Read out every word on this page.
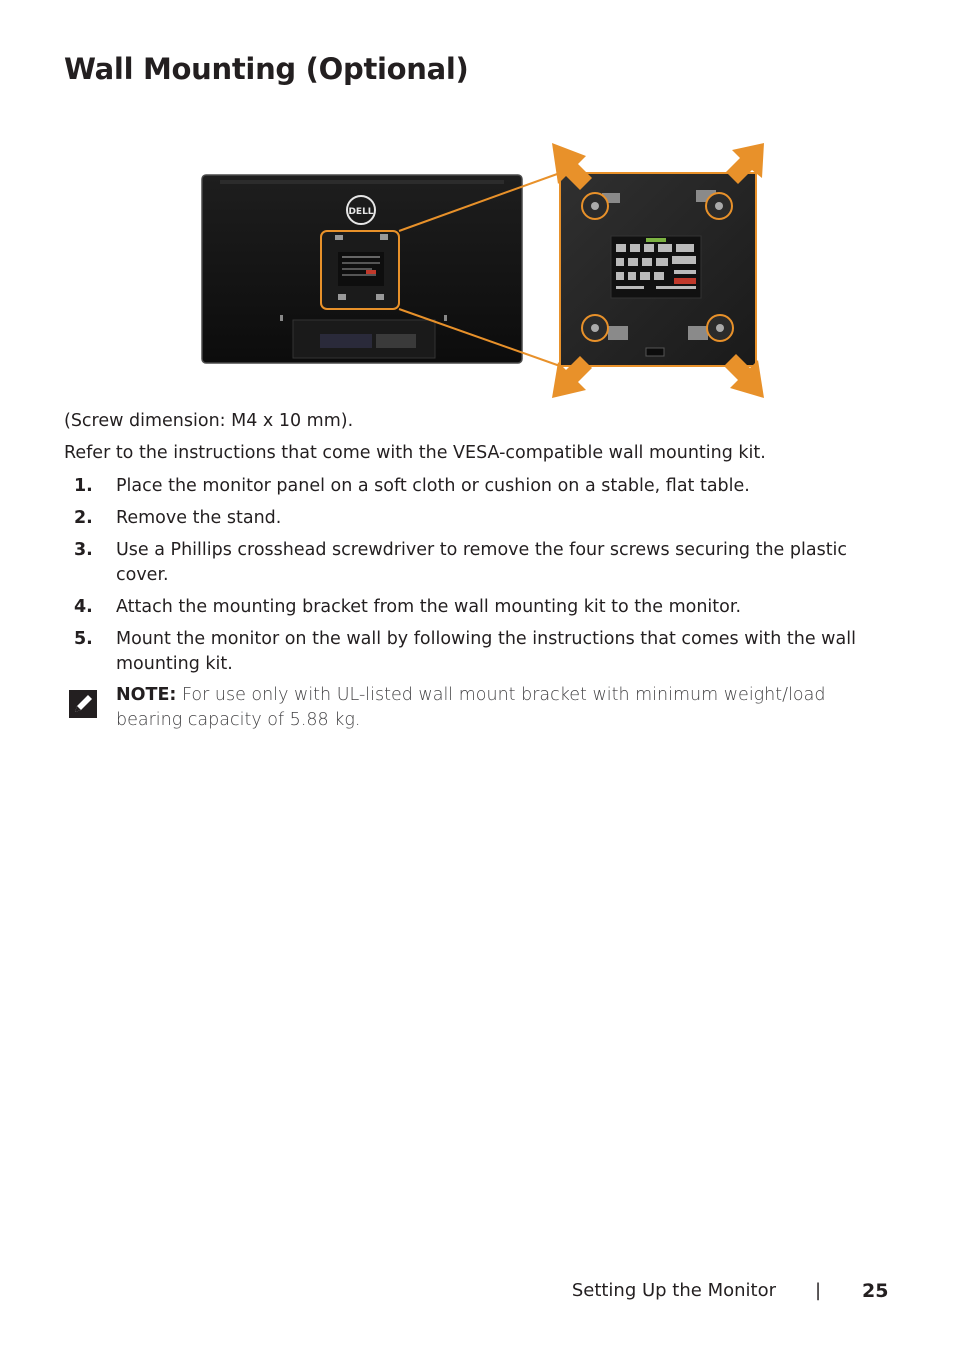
Wall Mounting (Optional)
DELL

(Screw dimension: M4 x 10 mm).

Refer to the instructions that come with the VESA-compatible wall mounting kit.

1. Place the monitor panel on a soft cloth or cushion on a stable, flat table.
2. Remove the stand.
3. Use a Phillips crosshead screwdriver to remove the four screws securing the plastic cover.
4. Attach the mounting bracket from the wall mounting kit to the monitor.
5. Mount the monitor on the wall by following the instructions that comes with the wall mounting kit.
NOTE: For use only with UL-listed wall mount bracket with minimum weight/load bearing capacity of 5.88 kg.
Setting Up the Monitor | 25
